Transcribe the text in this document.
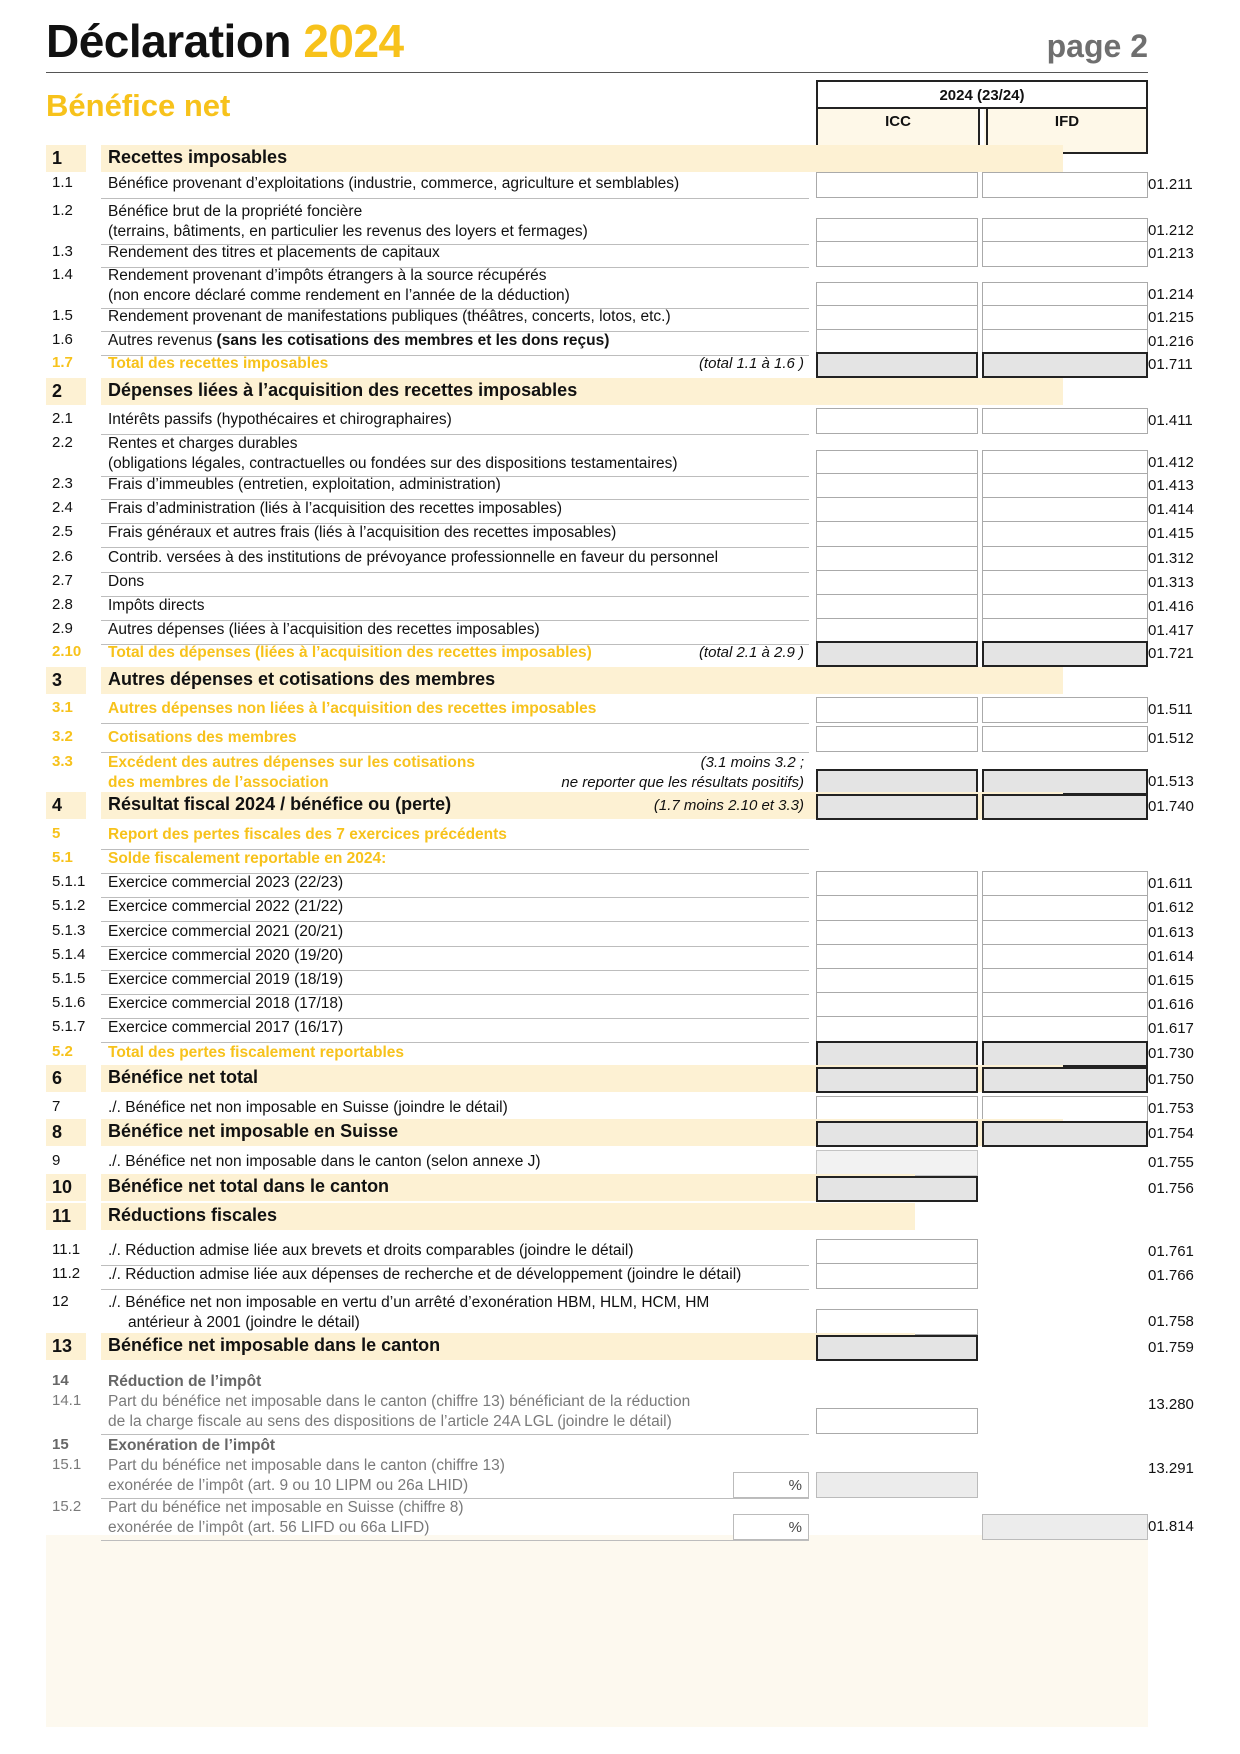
Déclaration 2024	page 2
Bénéfice net	2024 (23/24)
ICC	IFD
1	Recettes imposables
1.1 Bénéfice provenant d’exploitations (industrie, commerce, agriculture et semblables)	01.211
1.2 Bénéfice brut de la propriété foncière
(terrains, bâtiments, en particulier les revenus des loyers et fermages)	01.212
1.3 Rendement des titres et placements de capitaux	01.213
1.4 Rendement provenant d’impôts étrangers à la source récupérés
(non encore déclaré comme rendement en l’année de la déduction)	01.214
1.5 Rendement provenant de manifestations publiques (théâtres, concerts, lotos, etc.)	01.215
1.6 Autres revenus (sans les cotisations des membres et les dons reçus)	01.216
1.7 Total des recettes imposables	(total 1.1 à 1.6 )	01.711
2	Dépenses liées à l’acquisition des recettes imposables
2.1 Intérêts passifs (hypothécaires et chirographaires)	01.411
2.2 Rentes et charges durables
(obligations légales, contractuelles ou fondées sur des dispositions testamentaires)	01.412
2.3 Frais d’immeubles (entretien, exploitation, administration)	01.413
2.4 Frais d’administration (liés à l’acquisition des recettes imposables)	01.414
2.5 Frais généraux et autres frais (liés à l’acquisition des recettes imposables)	01.415
2.6 Contrib. versées à des institutions de prévoyance professionnelle en faveur du personnel	01.312
2.7 Dons	01.313
2.8 Impôts directs	01.416
2.9 Autres dépenses (liées à l’acquisition des recettes imposables)	01.417
2.10 Total des dépenses (liées à l’acquisition des recettes imposables)	(total 2.1 à 2.9 )	01.721
3	Autres dépenses et cotisations des membres
3.1 Autres dépenses non liées à l’acquisition des recettes imposables	01.511
3.2 Cotisations des membres	01.512
3.3 Excédent des autres dépenses sur les cotisations
des membres de l’association
(3.1 moins 3.2 ;
ne reporter que les résultats positifs)	01.513
4	Résultat fiscal 2024 / bénéfice ou (perte)	(1.7 moins 2.10 et 3.3)	01.740
5	Report des pertes fiscales des 7 exercices précédents
5.1 Solde fiscalement reportable en 2024:
5.1.1 Exercice commercial 2023 (22/23)	01.611
5.1.2 Exercice commercial 2022 (21/22)	01.612
5.1.3 Exercice commercial 2021 (20/21)	01.613
5.1.4 Exercice commercial 2020 (19/20)	01.614
5.1.5 Exercice commercial 2019 (18/19)	01.615
5.1.6 Exercice commercial 2018 (17/18)	01.616
5.1.7 Exercice commercial 2017 (16/17)	01.617
5.2 Total des pertes fiscalement reportables	01.730
6	Bénéfice net total	01.750
7	./. Bénéfice net non imposable en Suisse (joindre le détail)	01.753
8	Bénéfice net imposable en Suisse	01.754
9	./. Bénéfice net non imposable dans le canton (selon annexe J)	01.755
10 Bénéfice net total dans le canton	01.756
11 Réductions fiscales
11.1 ./. Réduction admise liée aux brevets et droits comparables (joindre le détail)	01.761
11.2 ./. Réduction admise liée aux dépenses de recherche et de développement (joindre le détail)	01.766
12	./. Bénéfice net non imposable en vertu d’un arrêté d’exonération HBM, HLM, HCM, HM
antérieur à 2001 (joindre le détail)	01.758
13 Bénéfice net imposable dans le canton	01.759
14	Réduction de l’impôt
14.1 Part du bénéfice net imposable dans le canton (chiffre 13) bénéficiant de la réduction
de la charge fiscale au sens des dispositions de l’article 24A LGL (joindre le détail)
13.280
15	Exonération de l’impôt
15.1 Part du bénéfice net imposable dans le canton (chiffre 13)
exonérée de l’impôt (art. 9 ou 10 LIPM ou 26a LHID)	%
13.291
15.2 Part du bénéfice net imposable en Suisse (chiffre 8)
exonérée de l’impôt (art. 56 LIFD ou 66a LIFD)	%	01.814
